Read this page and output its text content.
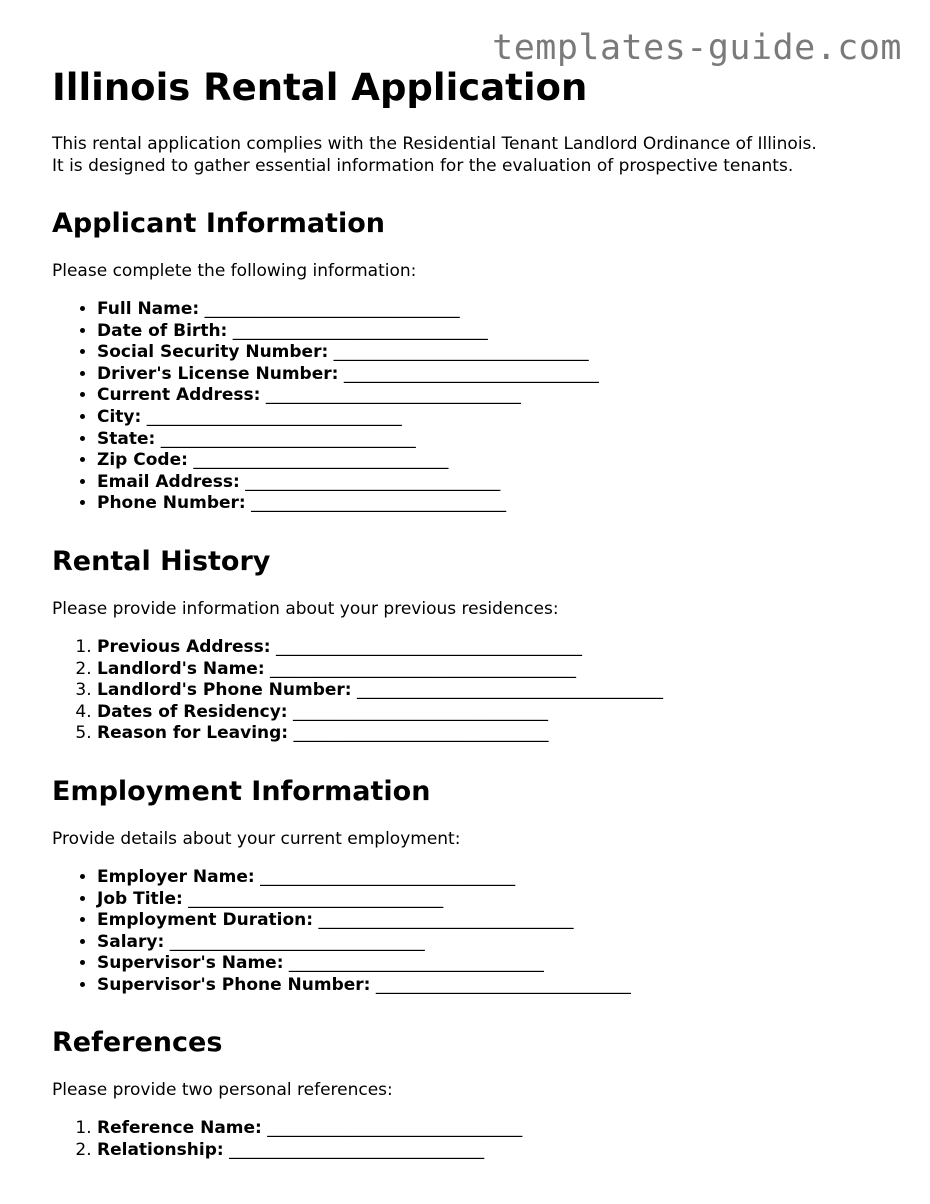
templates-guide.com
Illinois Rental Application

This rental application complies with the Residential Tenant Landlord Ordinance of Illinois.
It is designed to gather essential information for the evaluation of prospective tenants.

Applicant Information

Please complete the following information:

• Full Name: ______________________________
• Date of Birth: ______________________________
• Social Security Number: ______________________________
• Driver's License Number: ______________________________
• Current Address: ______________________________
• City: ______________________________
• State: ______________________________
• Zip Code: ______________________________
• Email Address: ______________________________
• Phone Number: ______________________________
Rental History

Please provide information about your previous residences:

1. Previous Address: ____________________________________
2. Landlord's Name: ____________________________________
3. Landlord's Phone Number: ____________________________________
4. Dates of Residency: ______________________________
5. Reason for Leaving: ______________________________
Employment Information

Provide details about your current employment:

• Employer Name: ______________________________
• Job Title: ______________________________
• Employment Duration: ______________________________
• Salary: ______________________________
• Supervisor's Name: ______________________________
• Supervisor's Phone Number: ______________________________
References

Please provide two personal references:

1. Reference Name: ______________________________
2. Relationship: ______________________________
